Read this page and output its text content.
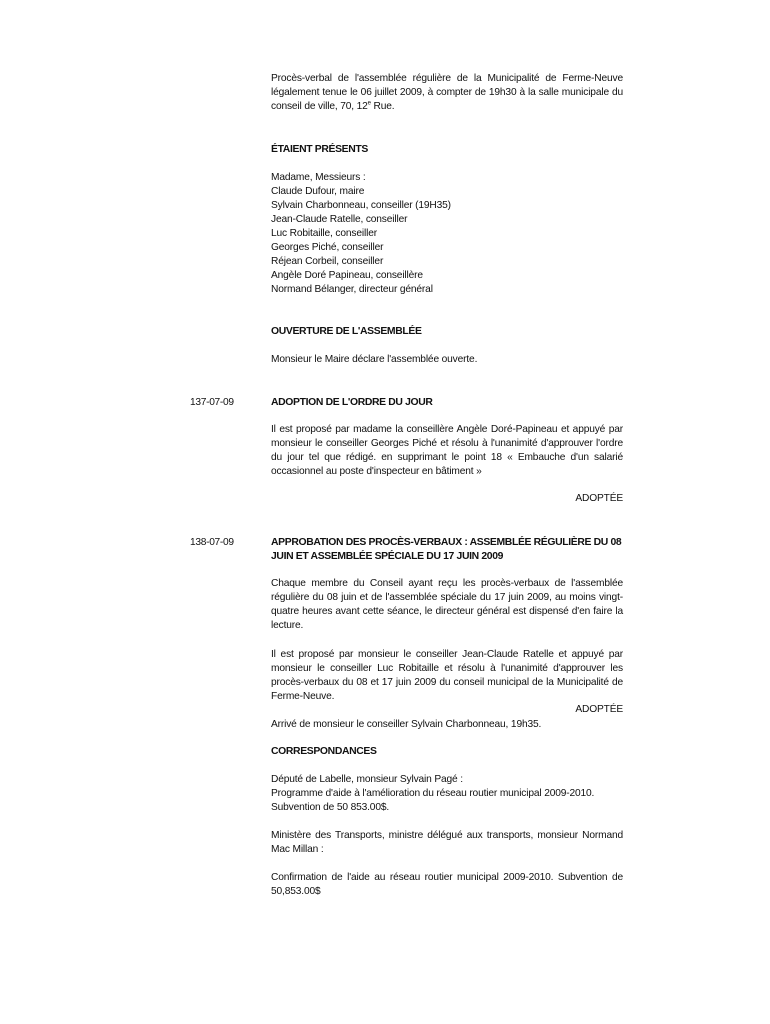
Procès-verbal de l'assemblée régulière de la Municipalité de Ferme-Neuve légalement tenue le 06 juillet 2009, à compter de 19h30 à la salle municipale du conseil de ville, 70, 12e Rue.

ÉTAIENT PRÉSENTS

Madame, Messieurs :
Claude Dufour, maire
Sylvain Charbonneau, conseiller (19H35)
Jean-Claude Ratelle, conseiller
Luc Robitaille, conseiller
Georges Piché, conseiller
Réjean Corbeil, conseiller
Angèle Doré Papineau, conseillère
Normand Bélanger, directeur général

OUVERTURE DE L'ASSEMBLÉE

Monsieur le Maire déclare l'assemblée ouverte.

137-07-09	ADOPTION DE L'ORDRE DU JOUR

Il est proposé par madame la conseillère Angèle Doré-Papineau et appuyé par monsieur le conseiller Georges Piché et résolu à l'unanimité d'approuver l'ordre du jour tel que rédigé. en supprimant le point 18 « Embauche d'un salarié occasionnel au poste d'inspecteur en bâtiment »

ADOPTÉE

138-07-09	APPROBATION DES PROCÈS-VERBAUX : ASSEMBLÉE RÉGULIÈRE DU 08 JUIN ET ASSEMBLÉE SPÉCIALE DU 17 JUIN 2009

Chaque membre du Conseil ayant reçu les procès-verbaux de l'assemblée régulière du 08 juin et de l'assemblée spéciale du 17 juin 2009, au moins vingt-quatre heures avant cette séance, le directeur général est dispensé d'en faire la lecture.

Il est proposé par monsieur le conseiller Jean-Claude Ratelle et appuyé par monsieur le conseiller Luc Robitaille et résolu à l'unanimité d'approuver les procès-verbaux du 08 et 17 juin 2009 du conseil municipal de la Municipalité de Ferme-Neuve.

ADOPTÉE

Arrivé de monsieur le conseiller Sylvain Charbonneau, 19h35.

CORRESPONDANCES

Député de Labelle, monsieur Sylvain Pagé :
Programme d'aide à l'amélioration du réseau routier municipal 2009-2010.
Subvention de 50 853.00$.

Ministère des Transports, ministre délégué aux transports, monsieur Normand Mac Millan :

Confirmation de l'aide au réseau routier municipal 2009-2010. Subvention de 50,853.00$
